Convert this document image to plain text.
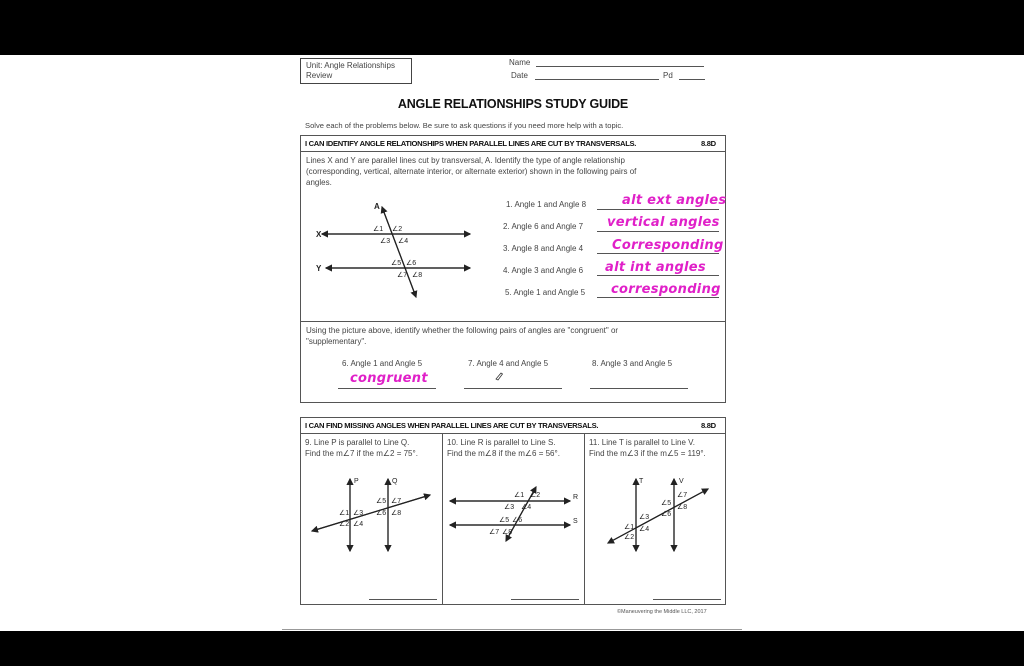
Unit: Angle Relationships
Review
Name
Date	Pd
ANGLE RELATIONSHIPS STUDY GUIDE
Solve each of the problems below. Be sure to ask questions if you need more help with a topic.
I CAN IDENTIFY ANGLE RELATIONSHIPS WHEN PARALLEL LINES ARE CUT BY TRANSVERSALS.	8.8D
Lines X and Y are parallel lines cut by transversal, A. Identify the type of angle relationship
(corresponding, vertical, alternate interior, or alternate exterior) shown in the following pairs of
angles.
A
X
Y
∠1 ∠2
∠3 ∠4
∠5 ∠6
∠7 ∠8
1. Angle 1 and Angle 8	alt ext angles
2. Angle 6 and Angle 7 vertical angles
3. Angle 8 and Angle 4 Corresponding
4. Angle 3 and Angle 6 alt int angles
5. Angle 1 and Angle 5 corresponding
Using the picture above, identify whether the following pairs of angles are "congruent" or
"supplementary".
6. Angle 1 and Angle 5
congruent
7. Angle 4 and Angle 5	8. Angle 3 and Angle 5
I CAN FIND MISSING ANGLES WHEN PARALLEL LINES ARE CUT BY TRANSVERSALS.	8.8D
9. Line P is parallel to Line Q.
Find the m∠7 if the m∠2 = 75°.
10. Line R is parallel to Line S.
Find the m∠8 if the m∠6 = 56°.
11. Line T is parallel to Line V.
Find the m∠3 if the m∠5 = 119°.
P	Q
∠1 ∠3
∠2 ∠4
∠5 ∠7
∠6 ∠8
R
S
∠1 ∠2
∠3 ∠4
∠5 ∠6
∠7 ∠8
T	V
∠1
∠3
∠2
∠4
∠5
∠7
∠6
∠8
©Maneuvering the Middle LLC, 2017
